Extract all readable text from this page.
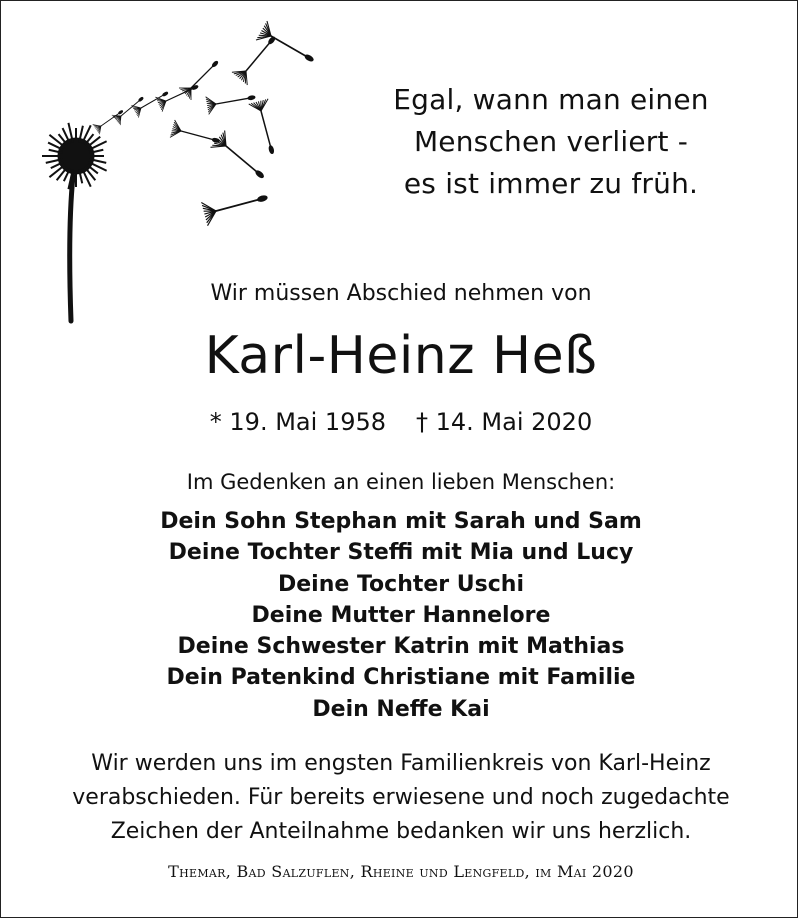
Egal, wann man einen
Menschen verliert -
es ist immer zu früh.
Wir müssen Abschied nehmen von
Karl-Heinz Heß
* 19. Mai 1958 † 14. Mai 2020
Im Gedenken an einen lieben Menschen:
Dein Sohn Stephan mit Sarah und Sam
Deine Tochter Steffi mit Mia und Lucy
Deine Tochter Uschi
Deine Mutter Hannelore
Deine Schwester Katrin mit Mathias
Dein Patenkind Christiane mit Familie
Dein Neffe Kai
Wir werden uns im engsten Familienkreis von Karl-Heinz
verabschieden. Für bereits erwiesene und noch zugedachte
Zeichen der Anteilnahme bedanken wir uns herzlich.
Themar, Bad Salzuflen, Rheine und Lengfeld, im Mai 2020
